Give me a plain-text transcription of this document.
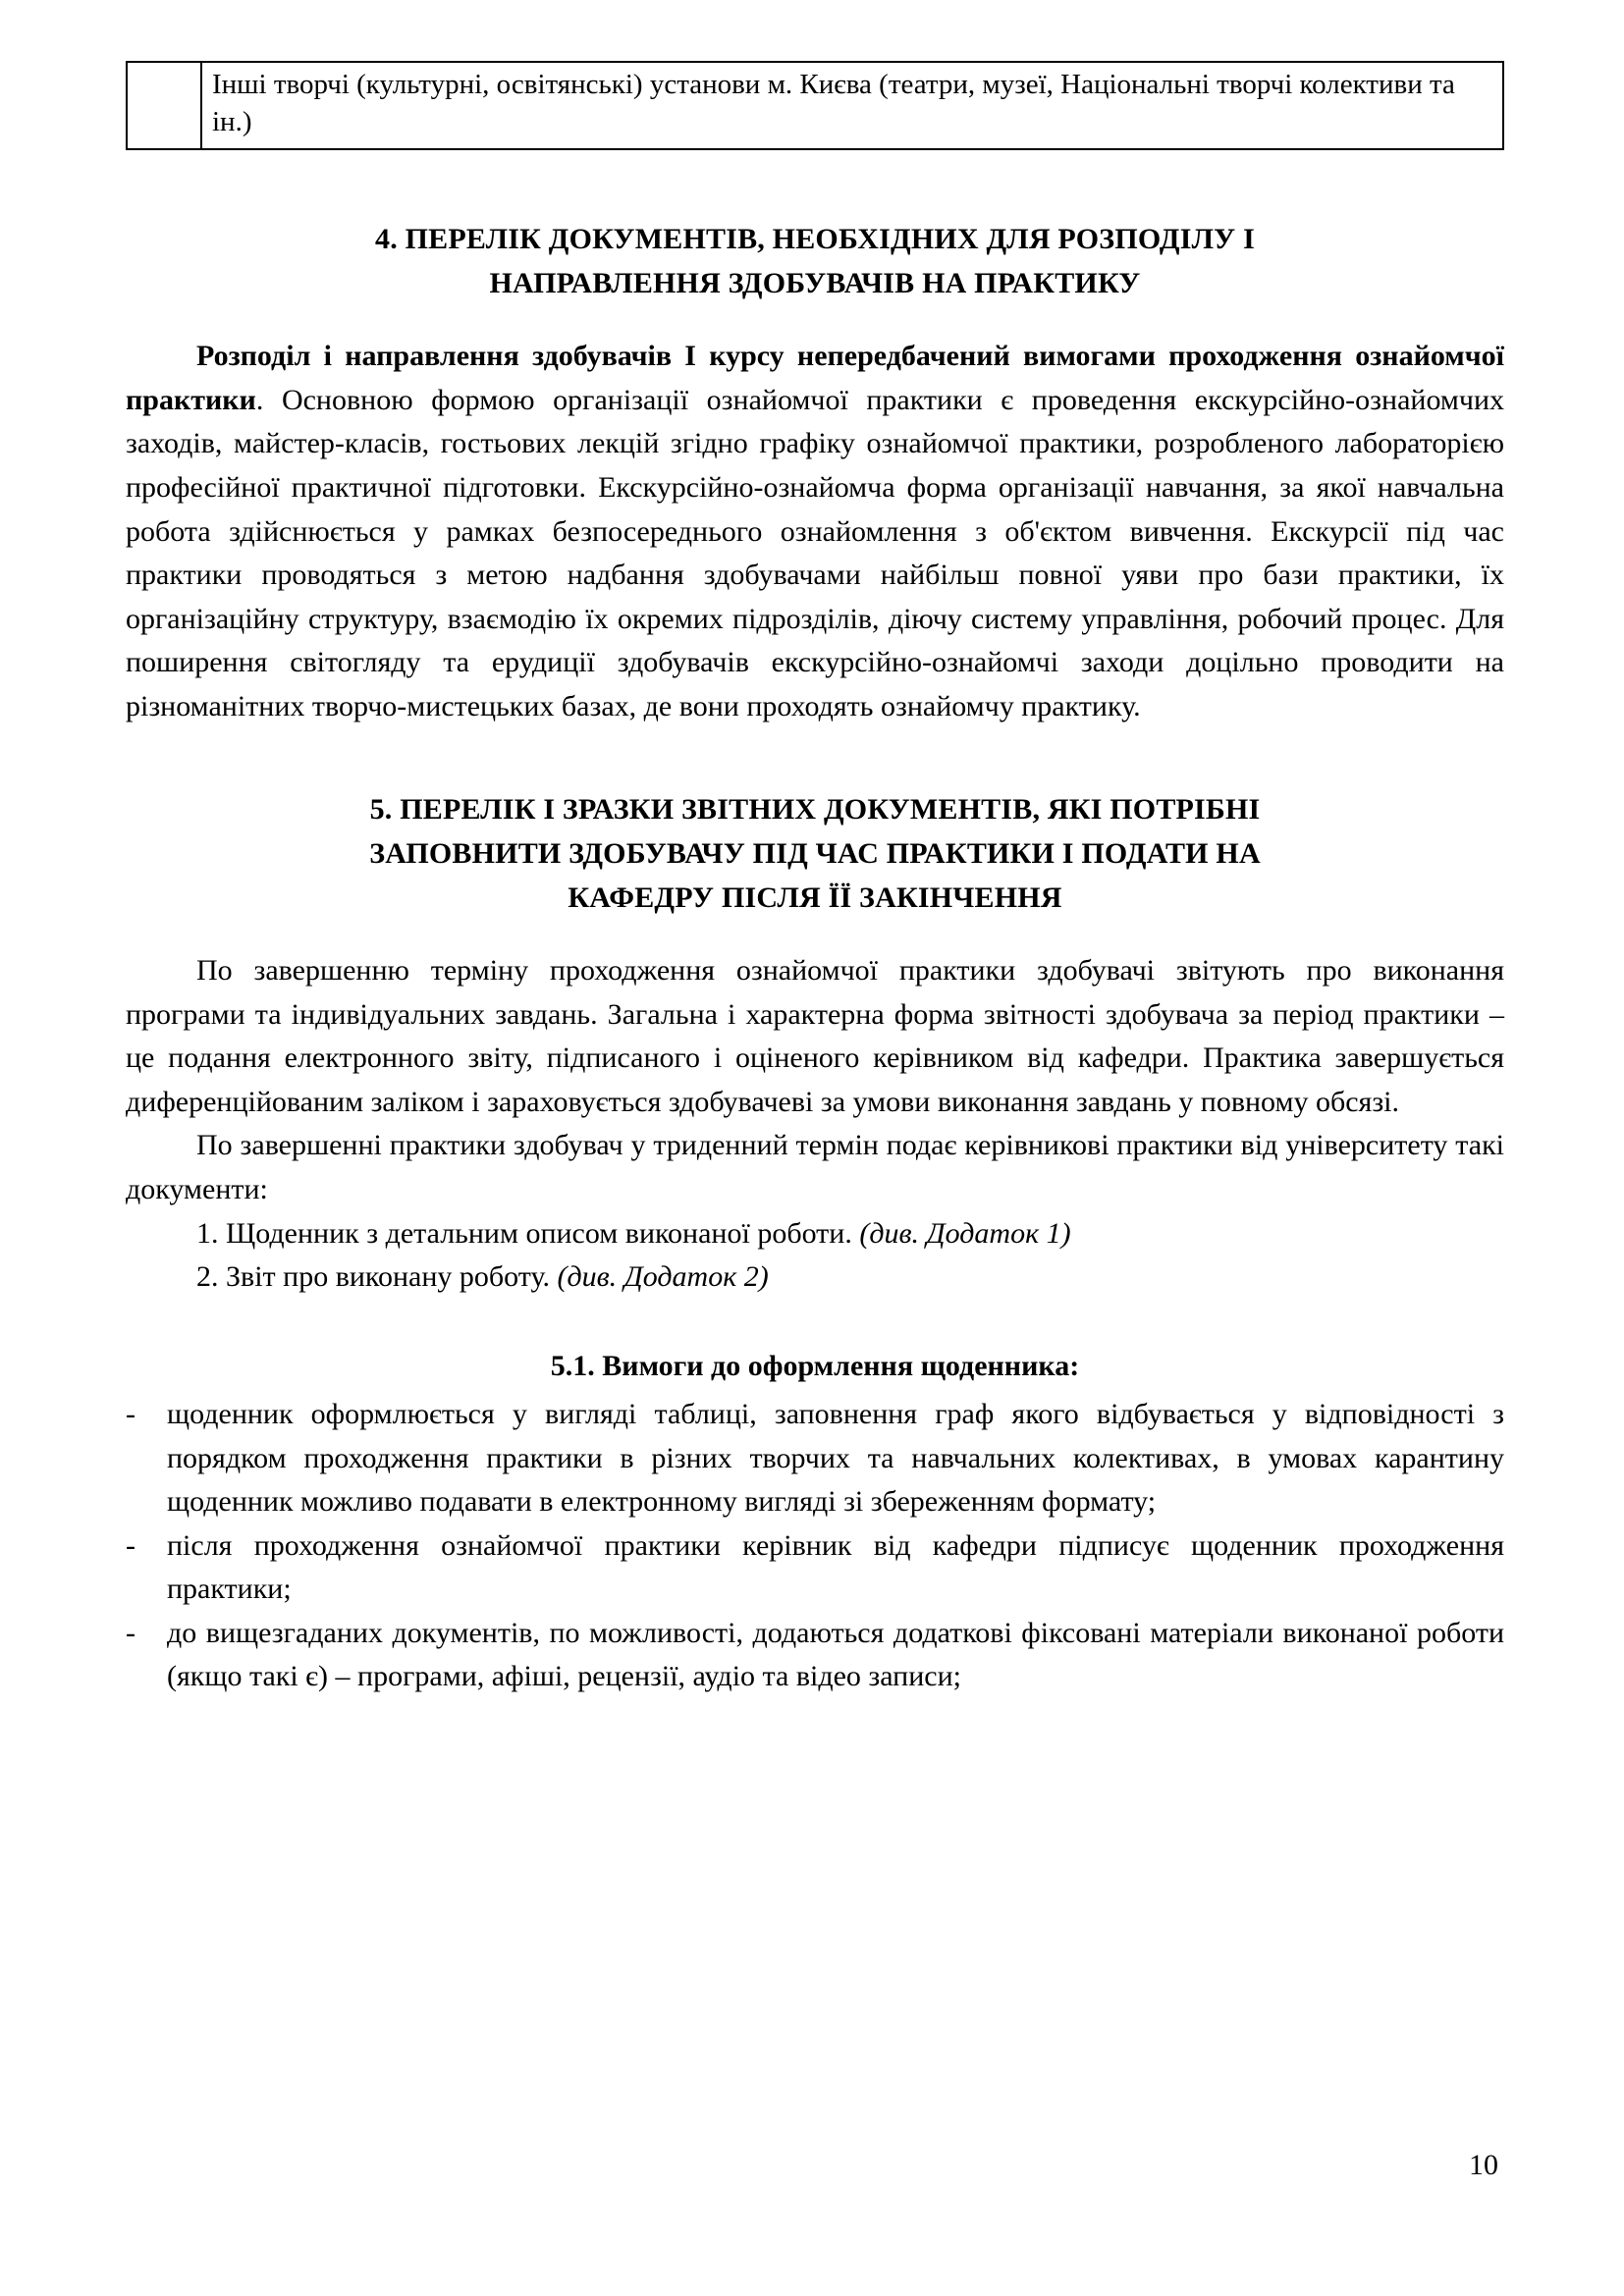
	Інші творчі (культурні, освітянські) установи м. Києва (театри, музеї, Національні творчі колективи та ін.)
4. ПЕРЕЛІК ДОКУМЕНТІВ, НЕОБХІДНИХ ДЛЯ РОЗПОДІЛУ І
НАПРАВЛЕННЯ ЗДОБУВАЧІВ НА ПРАКТИКУ

Розподіл і направлення здобувачів І курсу непередбачений вимогами проходження ознайомчої практики. Основною формою організації ознайомчої практики є проведення екскурсійно-ознайомчих заходів, майстер-класів, гостьових лекцій згідно графіку ознайомчої практики, розробленого лабораторією професійної практичної підготовки. Екскурсійно-ознайомча форма організації навчання, за якої навчальна робота здійснюється у рамках безпосереднього ознайомлення з об'єктом вивчення. Екскурсії під час практики проводяться з метою надбання здобувачами найбільш повної уяви про бази практики, їх організаційну структуру, взаємодію їх окремих підрозділів, діючу систему управління, робочий процес. Для поширення світогляду та ерудиції здобувачів екскурсійно-ознайомчі заходи доцільно проводити на різноманітних творчо-мистецьких базах, де вони проходять ознайомчу практику.

5. ПЕРЕЛІК І ЗРАЗКИ ЗВІТНИХ ДОКУМЕНТІВ, ЯКІ ПОТРІБНІ
ЗАПОВНИТИ ЗДОБУВАЧУ ПІД ЧАС ПРАКТИКИ І ПОДАТИ НА
КАФЕДРУ ПІСЛЯ ЇЇ ЗАКІНЧЕННЯ

По завершенню терміну проходження ознайомчої практики здобувачі звітують про виконання програми та індивідуальних завдань. Загальна і характерна форма звітності здобувача за період практики – це подання електронного звіту, підписаного і оціненого керівником від кафедри. Практика завершується диференційованим заліком і зараховується здобувачеві за умови виконання завдань у повному обсязі.

По завершенні практики здобувач у триденний термін подає керівникові практики від університету такі документи:

1. Щоденник з детальним описом виконаної роботи. (див. Додаток 1)
2. Звіт про виконану роботу. (див. Додаток 2)
5.1. Вимоги до оформлення щоденника:
- щоденник оформлюється у вигляді таблиці, заповнення граф якого відбувається у відповідності з порядком проходження практики в різних творчих та навчальних колективах, в умовах карантину щоденник можливо подавати в електронному вигляді зі збереженням формату;
- після проходження ознайомчої практики керівник від кафедри підписує щоденник проходження практики;
- до вищезгаданих документів, по можливості, додаються додаткові фіксовані матеріали виконаної роботи (якщо такі є) – програми, афіші, рецензії, аудіо та відео записи;
10
